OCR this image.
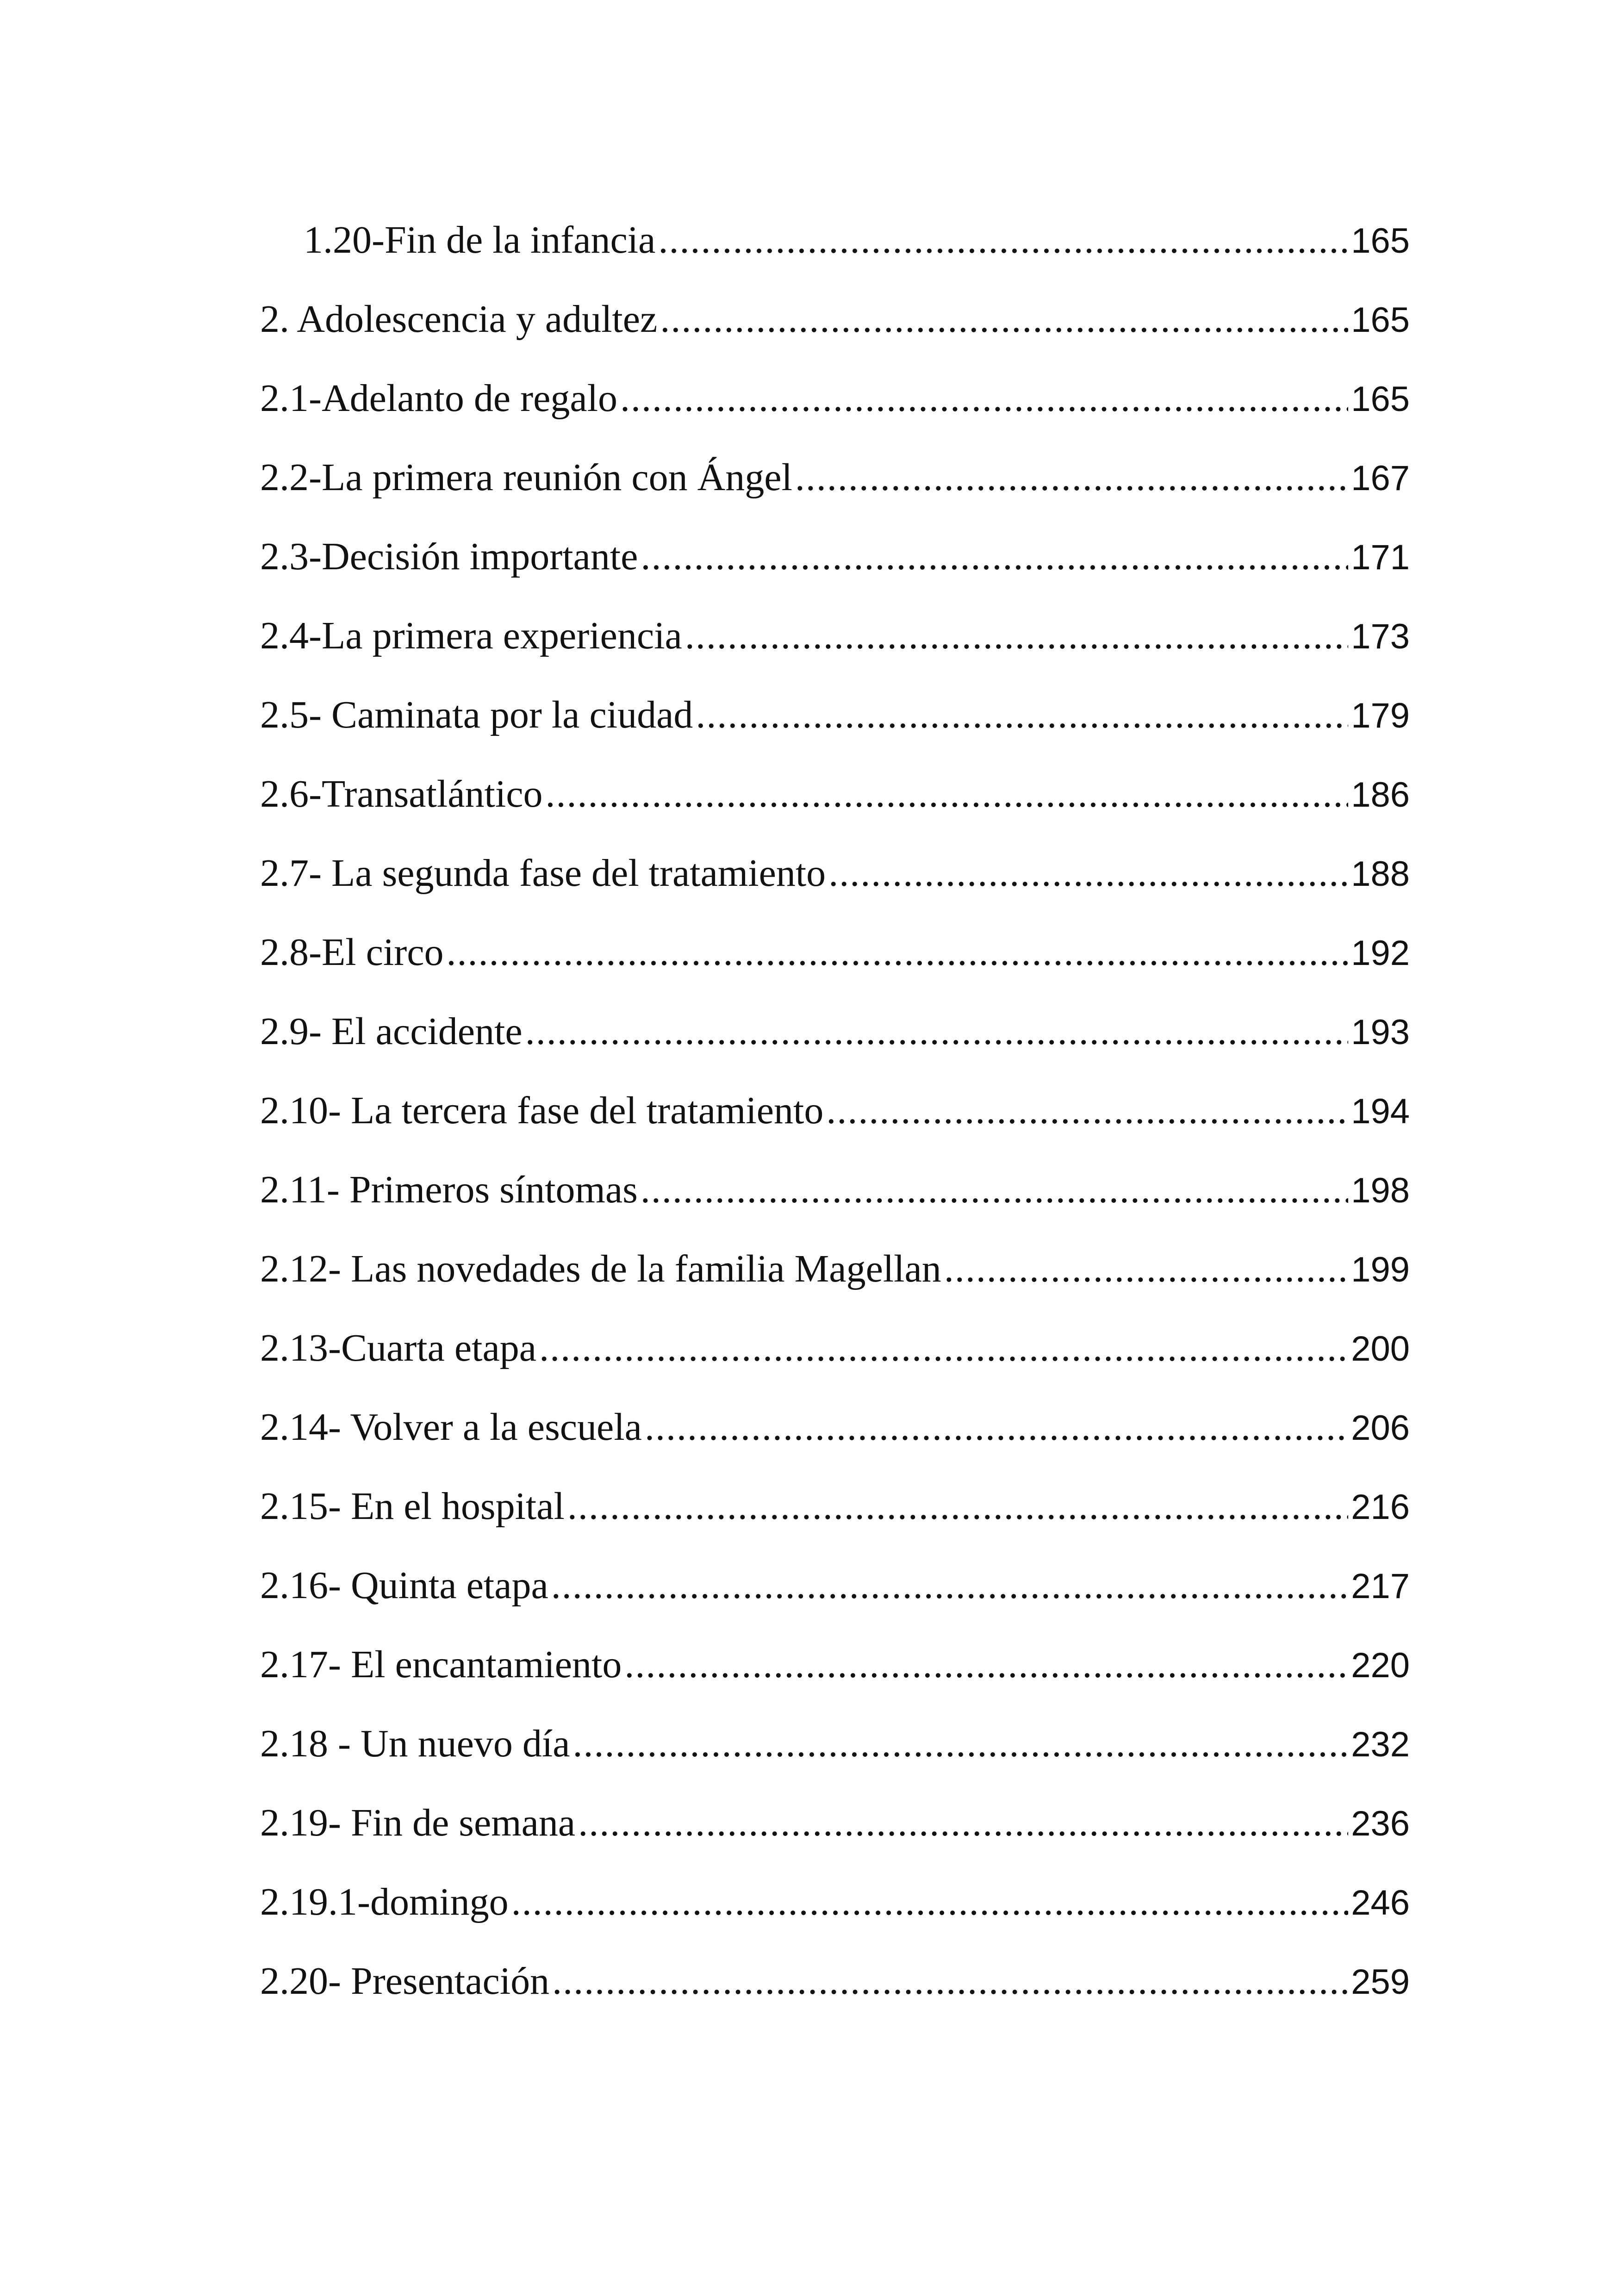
1.20-Fin de la infancia .....	165
2. Adolescencia y adultez .....	165
2.1-Adelanto de regalo .....	165
2.2-La primera reunión con Ángel .....	167
2.3-Decisión importante .....	171
2.4-La primera experiencia .....	173
2.5- Caminata por la ciudad .....	179
2.6-Transatlántico .....	186
2.7- La segunda fase del tratamiento .....	188
2.8-El circo .....	192
2.9- El accidente .....	193
2.10- La tercera fase del tratamiento .....	194
2.11- Primeros síntomas .....	198
2.12- Las novedades de la familia Magellan .....	199
2.13-Cuarta etapa .....	200
2.14- Volver a la escuela .....	206
2.15- En el hospital .....	216
2.16- Quinta etapa .....	217
2.17- El encantamiento .....	220
2.18 - Un nuevo día .....	232
2.19- Fin de semana .....	236
2.19.1-domingo .....	246
2.20- Presentación .....	259
